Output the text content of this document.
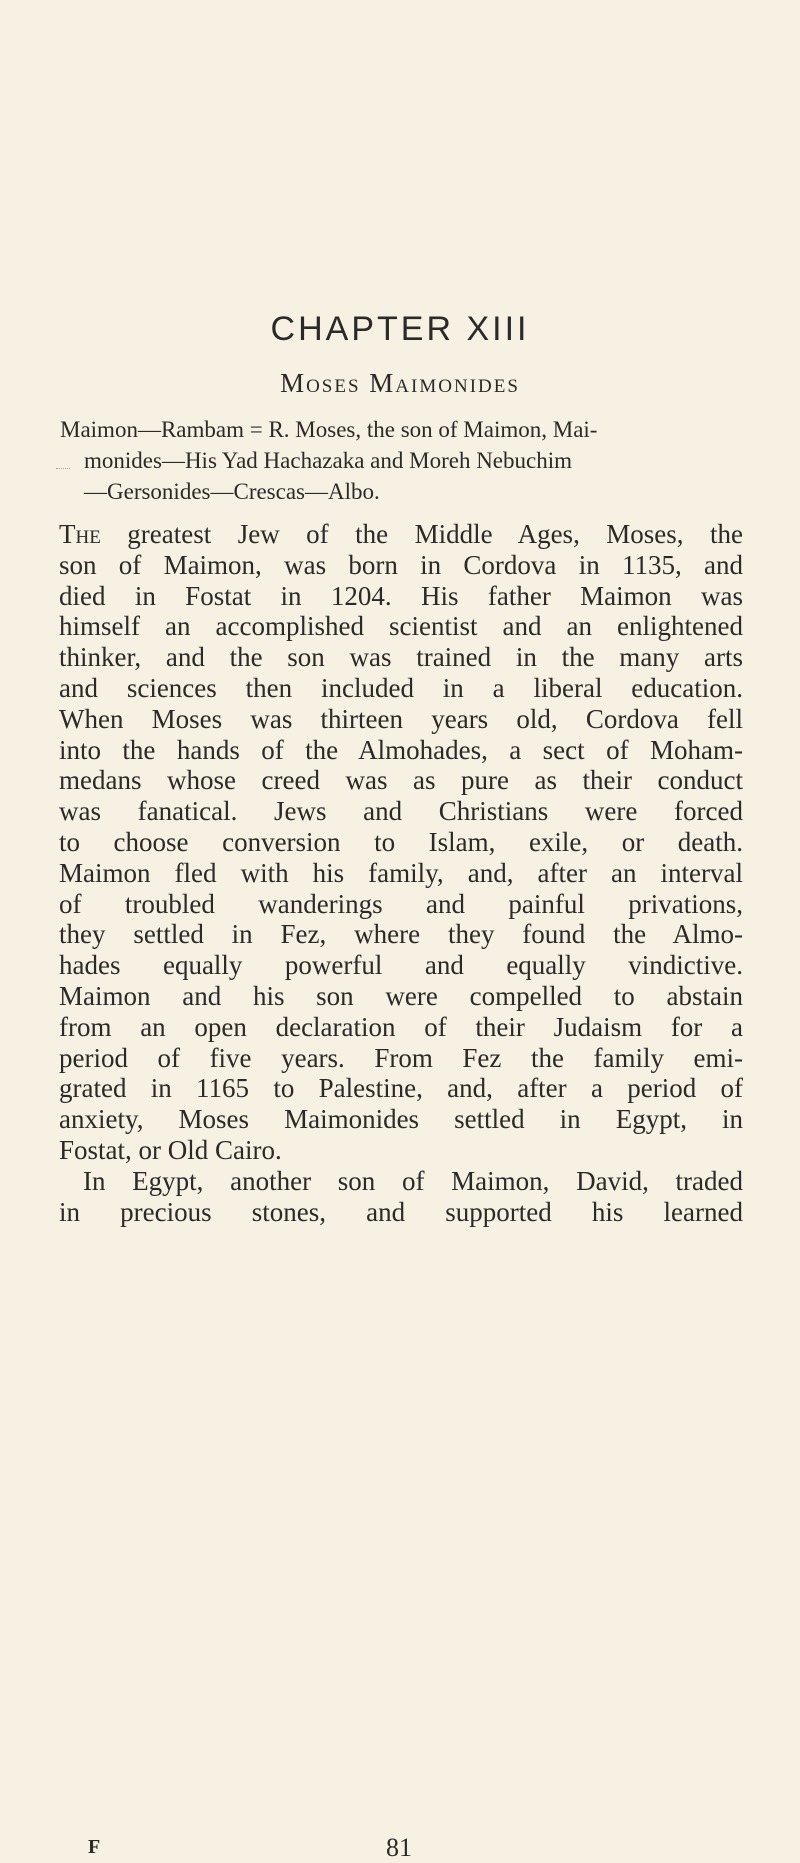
CHAPTER XIII
Moses Maimonides
Maimon—Rambam = R. Moses, the son of Maimon, Mai-
monides—His Yad Hachazaka and Moreh Nebuchim
—Gersonides—Crescas—Albo.
The greatest Jew of the Middle Ages, Moses, the
son of Maimon, was born in Cordova in 1135, and
died in Fostat in 1204. His father Maimon was
himself an accomplished scientist and an enlightened
thinker, and the son was trained in the many arts
and sciences then included in a liberal education.
When Moses was thirteen years old, Cordova fell
into the hands of the Almohades, a sect of Moham-
medans whose creed was as pure as their conduct
was fanatical. Jews and Christians were forced
to choose conversion to Islam, exile, or death.
Maimon fled with his family, and, after an interval
of troubled wanderings and painful privations,
they settled in Fez, where they found the Almo-
hades equally powerful and equally vindictive.
Maimon and his son were compelled to abstain
from an open declaration of their Judaism for a
period of five years. From Fez the family emi-
grated in 1165 to Palestine, and, after a period of
anxiety, Moses Maimonides settled in Egypt, in
Fostat, or Old Cairo.
In Egypt, another son of Maimon, David, traded
in precious stones, and supported his learned
F	81
